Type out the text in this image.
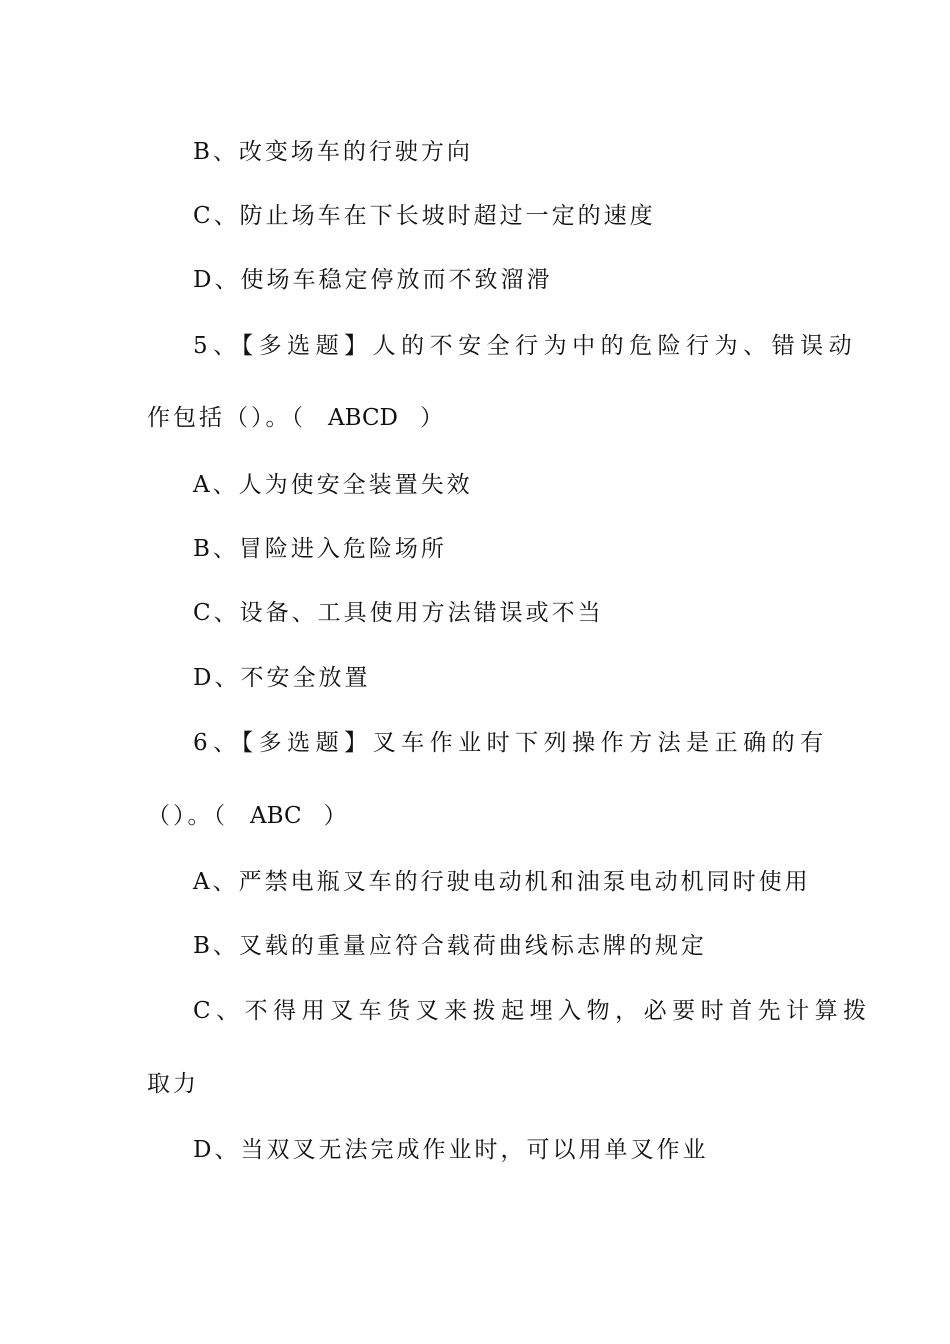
B、改变场车的行驶方向
C、防止场车在下长坡时超过一定的速度
D、使场车稳定停放而不致溜滑
5、【多选题】人的不安全行为中的危险行为、错误动
作包括（）。（ ABCD ）
A、人为使安全装置失效
B、冒险进入危险场所
C、设备、工具使用方法错误或不当
D、不安全放置
6、【多选题】叉车作业时下列操作方法是正确的有
（）。（ ABC ）
A、严禁电瓶叉车的行驶电动机和油泵电动机同时使用
B、叉载的重量应符合载荷曲线标志牌的规定
C、不得用叉车货叉来拨起埋入物，必要时首先计算拨
取力
D、当双叉无法完成作业时，可以用单叉作业
